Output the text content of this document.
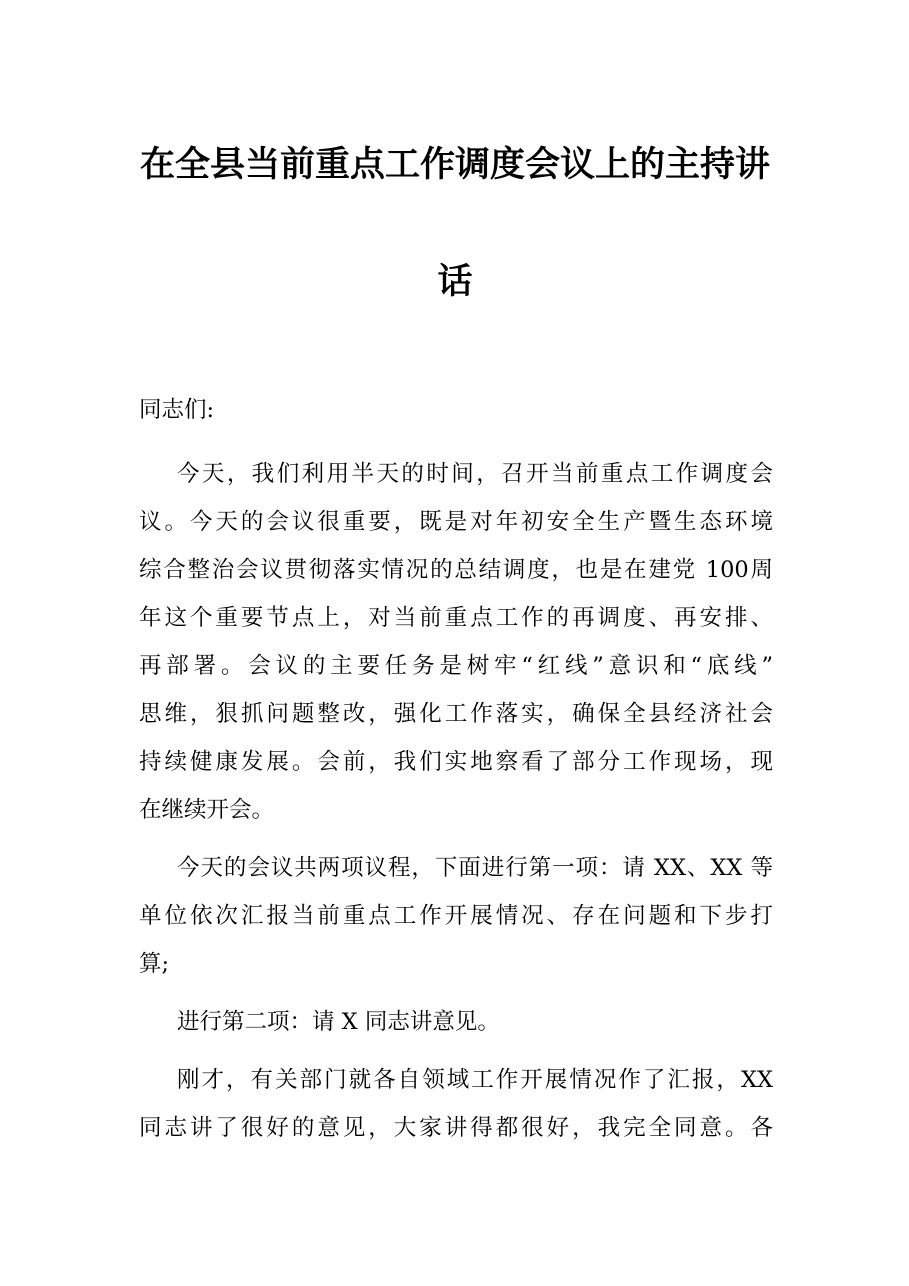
在全县当前重点工作调度会议上的主持讲
话
同志们:
今天，我们利用半天的时间，召开当前重点工作调度会
议。今天的会议很重要，既是对年初安全生产暨生态环境
综合整治会议贯彻落实情况的总结调度，也是在建党 100周
年这个重要节点上，对当前重点工作的再调度、再安排、
再部署。会议的主要任务是树牢“红线”意识和“底线”
思维，狠抓问题整改，强化工作落实，确保全县经济社会
持续健康发展。会前，我们实地察看了部分工作现场，现
在继续开会。
今天的会议共两项议程，下面进行第一项：请 XX、XX 等
单位依次汇报当前重点工作开展情况、存在问题和下步打
算;
进行第二项：请 X 同志讲意见。
刚才，有关部门就各自领域工作开展情况作了汇报，XX
同志讲了很好的意见，大家讲得都很好，我完全同意。各
